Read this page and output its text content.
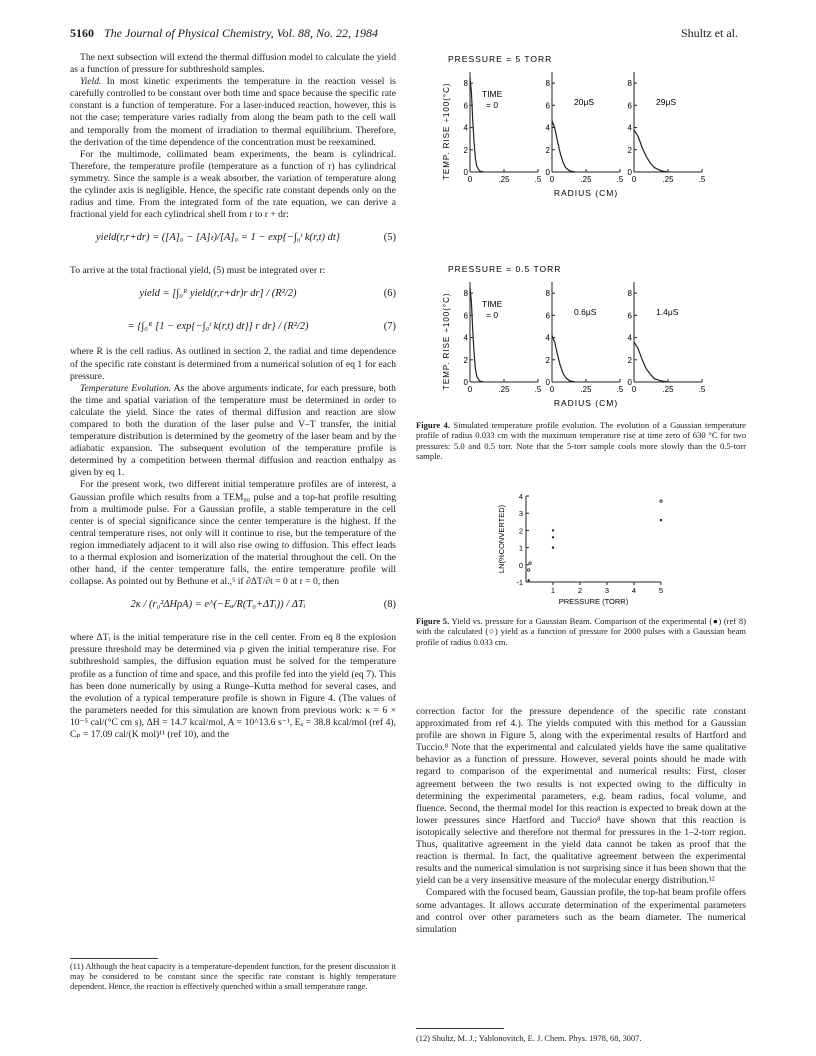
5160 The Journal of Physical Chemistry, Vol. 88, No. 22, 1984	Shultz et al.

The next subsection will extend the thermal diffusion model to calculate the yield as a function of pressure for subthreshold samples.

Yield. In most kinetic experiments the temperature in the reaction vessel is carefully controlled to be constant over both time and space because the specific rate constant is a function of temperature. For a laser-induced reaction, however, this is not the case; temperature varies radially from along the beam path to the cell wall and temporally from the moment of irradiation to thermal equilibrium. Therefore, the derivation of the time dependence of the concentration must be reexamined.

For the multimode, collimated beam experiments, the beam is cylindrical. Therefore, the temperature profile (temperature as a function of r) has cylindrical symmetry. Since the sample is a weak absorber, the variation of temperature along the cylinder axis is negligible. Hence, the specific rate constant depends only on the radius and time. From the integrated form of the rate equation, we can derive a fractional yield for each cylindrical shell from r to r + dr:

yield(r,r+dr) = ([A]₀ − [A]ₜ)/[A]₀ = 1 − exp{−∫₀ᵗ k(r,t) dt}	(5)

To arrive at the total fractional yield, (5) must be integrated over r:

yield = [∫₀ᴿ yield(r,r+dr)r dr] / (R²/2)	(6)
= {∫₀ᴿ [1 − exp{−∫₀ᵗ k(r,t) dt}] r dr} / (R²/2)	(7)

where R is the cell radius. As outlined in section 2, the radial and time dependence of the specific rate constant is determined from a numerical solution of eq 1 for each pressure.

Temperature Evolution. As the above arguments indicate, for each pressure, both the time and spatial variation of the temperature must be determined in order to calculate the yield. Since the rates of thermal diffusion and reaction are slow compared to both the duration of the laser pulse and V–T transfer, the initial temperature distribution is determined by the geometry of the laser beam and by the adiabatic expansion. The subsequent evolution of the temperature profile is determined by a competition between thermal diffusion and reaction enthalpy as given by eq 1.

For the present work, two different initial temperature profiles are of interest, a Gaussian profile which results from a TEM₀₀ pulse and a top-hat profile resulting from a multimode pulse. For a Gaussian profile, a stable temperature in the cell center is of special significance since the center temperature is the highest. If the central temperature rises, not only will it continue to rise, but the temperature of the region immediately adjacent to it will also rise owing to diffusion. This effect leads to a thermal explosion and isomerization of the material throughout the cell. On the other hand, if the center temperature falls, the entire temperature profile will collapse. As pointed out by Bethune et al.,⁵ if ∂ΔT/∂t = 0 at r = 0, then

2κ / (r₀²ΔHρA) = e^(−Eₐ/R(T₀+ΔTᵢ)) / ΔTᵢ	(8)

where ΔTᵢ is the initial temperature rise in the cell center. From eq 8 the explosion pressure threshold may be determined via ρ given the initial temperature rise. For subthreshold samples, the diffusion equation must be solved for the temperature profile as a function of time and space, and this profile fed into the yield (eq 7). This has been done numerically by using a Runge–Kutta method for several cases, and the evolution of a typical temperature profile is shown in Figure 4. (The values of the parameters needed for this simulation are known from previous work: κ = 6 × 10⁻⁵ cal/(°C cm s), ΔH = 14.7 kcal/mol, A = 10^13.6 s⁻¹, Eₐ = 38.8 kcal/mol (ref 4), Cₚ = 17.09 cal/(K mol)¹¹ (ref 10), and the

(11) Although the heat capacity is a temperature-dependent function, for the present discussion it may be considered to be constant since the specific rate constant is highly temperature dependent. Hence, the reaction is effectively quenched within a small temperature range.
PRESSURE = 5 TORR
TEMP. RISE ÷100(°C) 0
2
4
6
8
0	.25	.5
TIME
= 0
0
2
4
6
8
0	.25	.5
20μS
0
2
4
6
8
0	.25	.5
29μS
RADIUS (CM)
PRESSURE = 0.5 TORR
TEMP. RISE ÷100(°C) 0
2
4
6
8
0	.25	.5
TIME
= 0
0
2
4
6
8
0	.25	.5
0.6μS
0
2
4
6
8
0	.25	.5
1.4μS
RADIUS (CM)
Figure 4. Simulated temperature profile evolution. The evolution of a Gaussian temperature profile of radius 0.033 cm with the maximum temperature rise at time zero of 630 °C for two pressures: 5.0 and 0.5 torr. Note that the 5-torr sample cools more slowly than the 0.5-torr sample.
-1
0
1
2
3
4
1	2	3	4	5
PRESSURE (TORR)
LN(%CONVERTED)
Figure 5. Yield vs. pressure for a Gaussian Beam. Comparison of the experimental (●) (ref 8) with the calculated (○) yield as a function of pressure for 2000 pulses with a Gaussian beam profile of radius 0.033 cm.

correction factor for the pressure dependence of the specific rate constant approximated from ref 4.). The yields computed with this method for a Gaussian profile are shown in Figure 5, along with the experimental results of Hartford and Tuccio.⁸ Note that the experimental and calculated yields have the same qualitative behavior as a function of pressure. However, several points should be made with regard to comparison of the experimental and numerical results: First, closer agreement between the two results is not expected owing to the difficulty in determining the experimental parameters, e.g. beam radius, focal volume, and fluence. Second, the thermal model for this reaction is expected to break down at the lower pressures since Hartford and Tuccio⁸ have shown that this reaction is isotopically selective and therefore not thermal for pressures in the 1–2-torr region. Thus, qualitative agreement in the yield data cannot be taken as proof that the reaction is thermal. In fact, the qualitative agreement between the experimental results and the numerical simulation is not surprising since it has been shown that the yield can be a very insensitive measure of the molecular energy distribution.¹²

Compared with the focused beam, Gaussian profile, the top-hat beam profile offers some advantages. It allows accurate determination of the experimental parameters and control over other parameters such as the beam diameter. The numerical simulation

(12) Shultz, M. J.; Yablonovitch, E. J. Chem. Phys. 1978, 68, 3007.
